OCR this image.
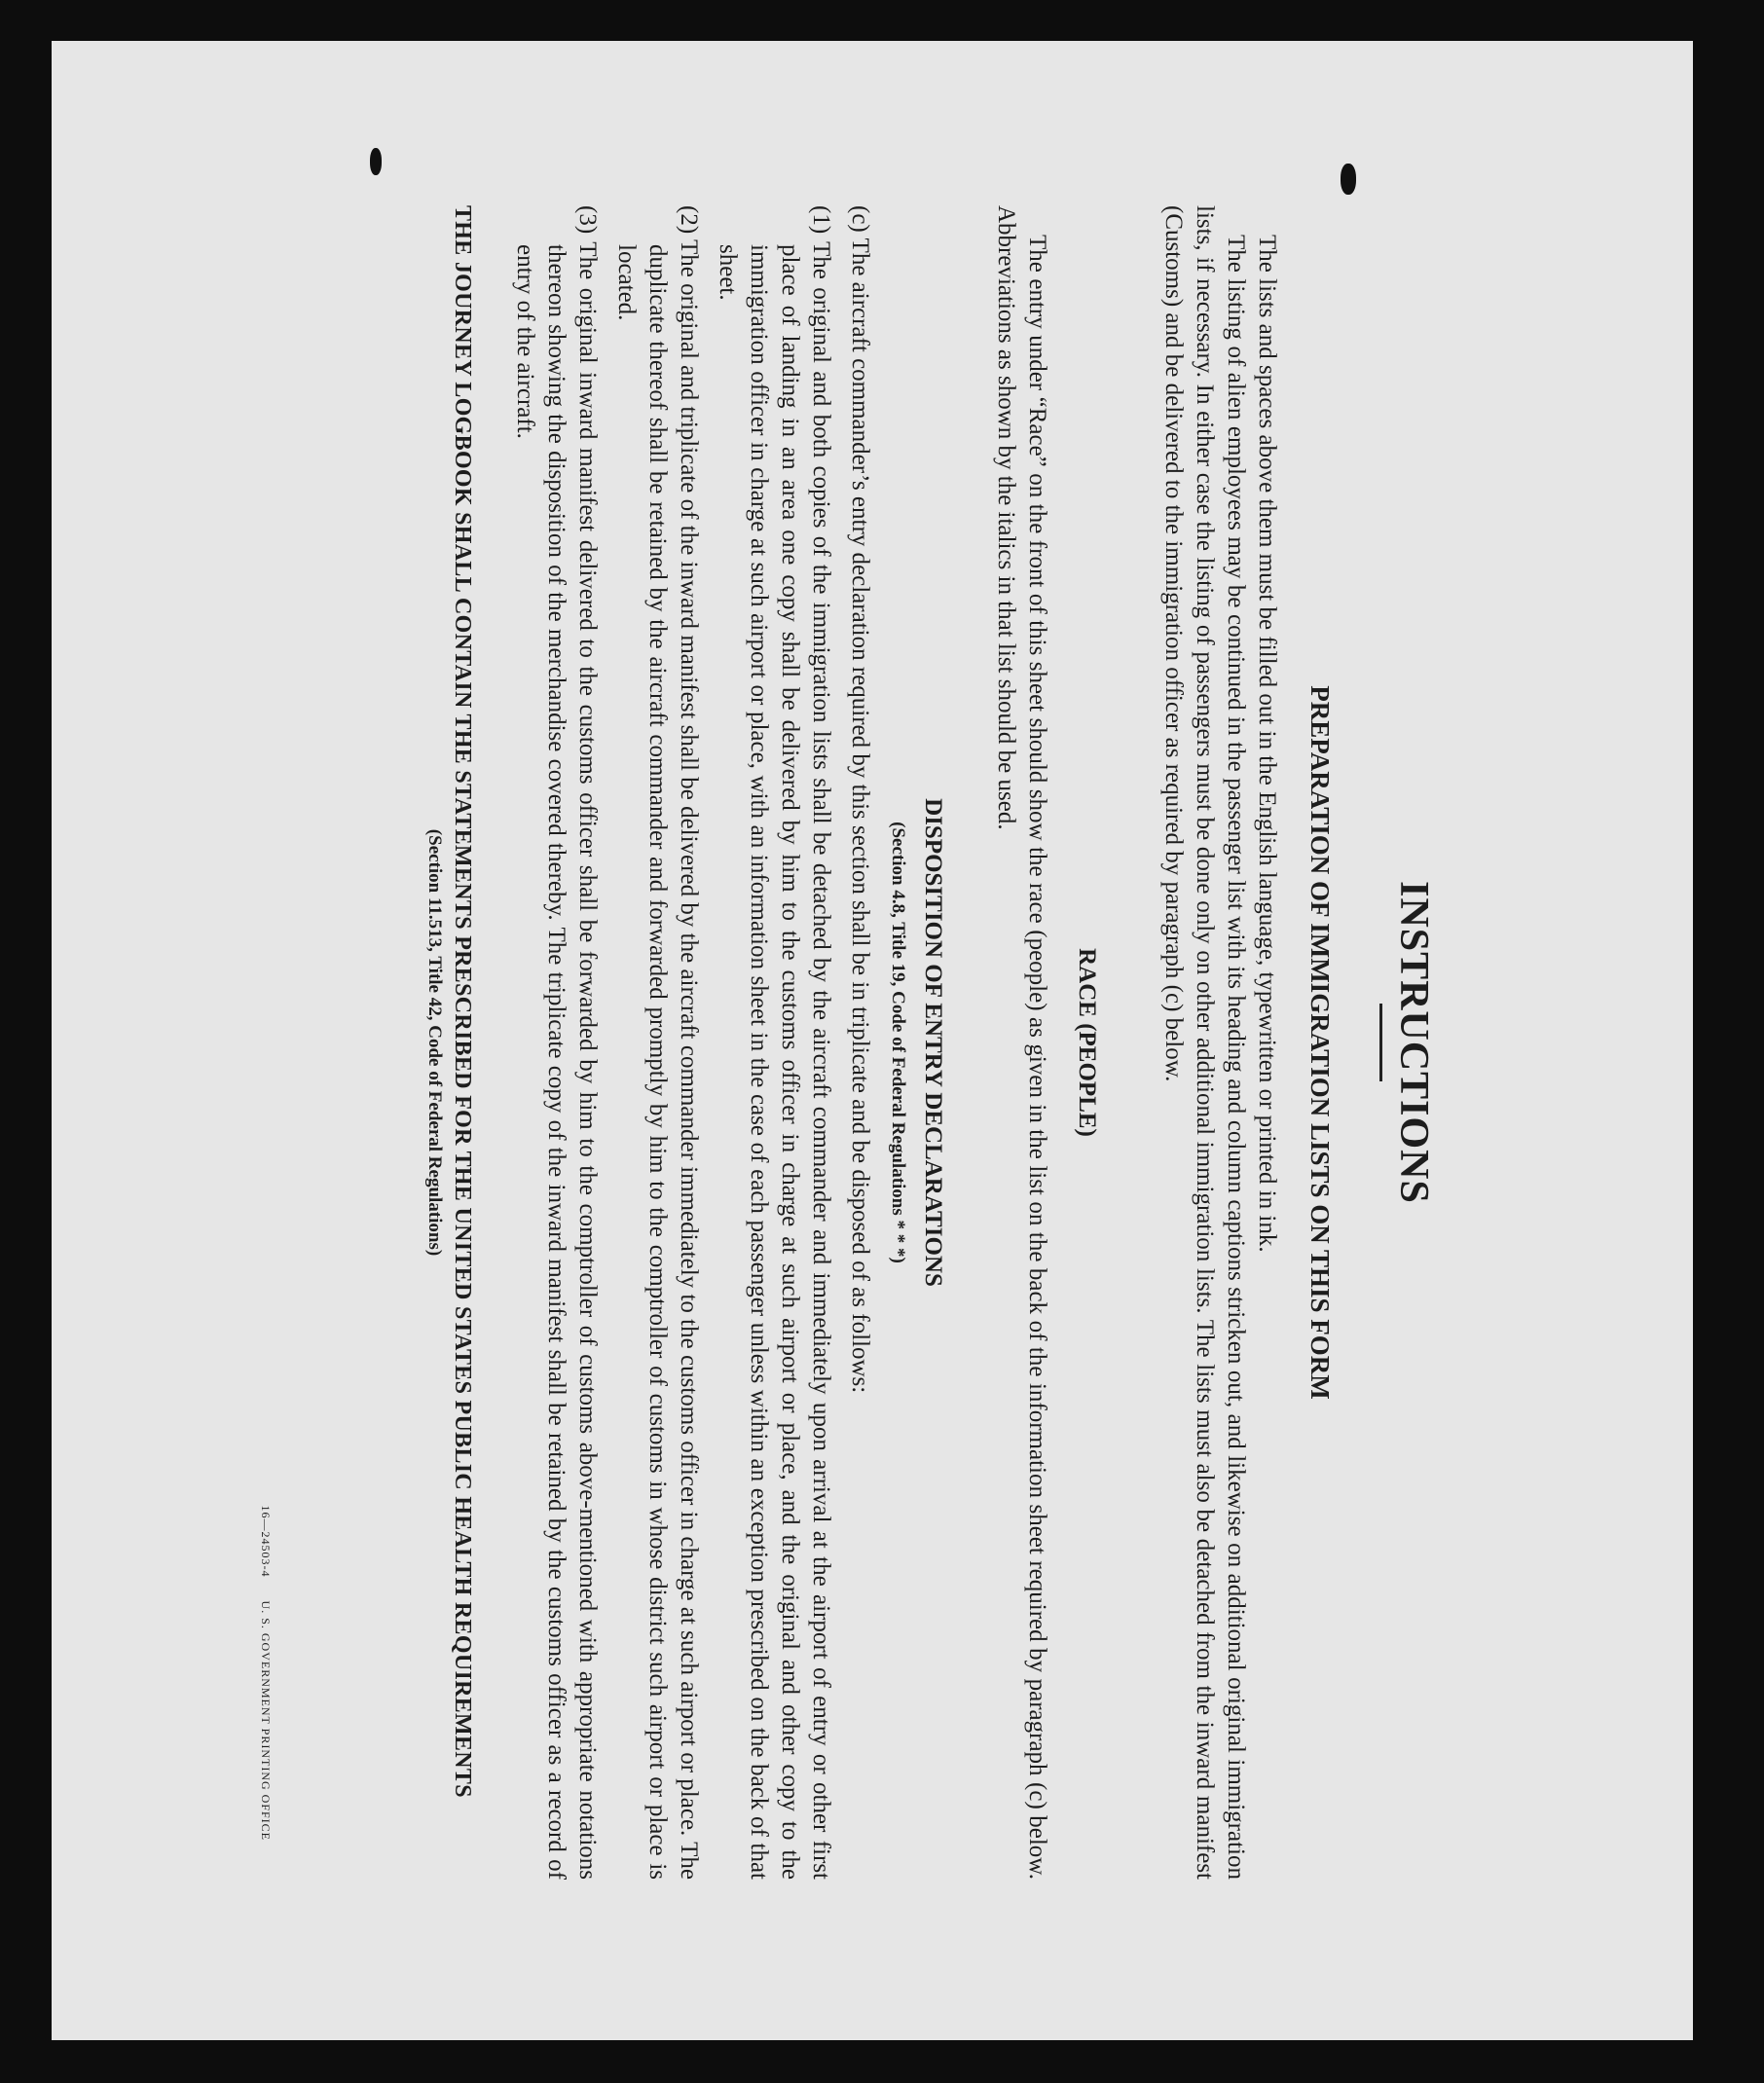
INSTRUCTIONS
PREPARATION OF IMMIGRATION LISTS ON THIS FORM

The lists and spaces above them must be filled out in the English language, typewritten or printed in ink.

The listing of alien employees may be continued in the passenger list with its heading and column captions stricken out, and likewise on additional original immigration lists, if necessary. In either case the listing of passengers must be done only on other additional immigration lists. The lists must also be detached from the inward manifest (Customs) and be delivered to the immigration officer as required by paragraph (c) below.

RACE (PEOPLE)

The entry under “Race” on the front of this sheet should show the race (people) as given in the list on the back of the information sheet required by paragraph (c) below. Abbreviations as shown by the italics in that list should be used.

DISPOSITION OF ENTRY DECLARATIONS
(Section 4.8, Title 19, Code of Federal Regulations * * *)

(c) The aircraft commander’s entry declaration required by this section shall be in triplicate and be disposed of as follows:

(1) The original and both copies of the immigration lists shall be detached by the aircraft commander and immediately upon arrival at the airport of entry or other first place of landing in an area one copy shall be delivered by him to the customs officer in charge at such airport or place, and the original and other copy to the immigration officer in charge at such airport or place, with an information sheet in the case of each passenger unless within an exception prescribed on the back of that sheet.

(2) The original and triplicate of the inward manifest shall be delivered by the aircraft commander immediately to the customs officer in charge at such airport or place. The duplicate thereof shall be retained by the aircraft commander and forwarded promptly by him to the comptroller of customs in whose district such airport or place is located.

(3) The original inward manifest delivered to the customs officer shall be forwarded by him to the comptroller of customs above-mentioned with appropriate notations thereon showing the disposition of the merchandise covered thereby. The triplicate copy of the inward manifest shall be retained by the customs officer as a record of entry of the aircraft.

THE JOURNEY LOGBOOK SHALL CONTAIN THE STATEMENTS PRESCRIBED FOR THE UNITED STATES PUBLIC HEALTH REQUIREMENTS

(Section 11.513, Title 42, Code of Federal Regulations)
16—24503-4      U. S. GOVERNMENT PRINTING OFFICE
